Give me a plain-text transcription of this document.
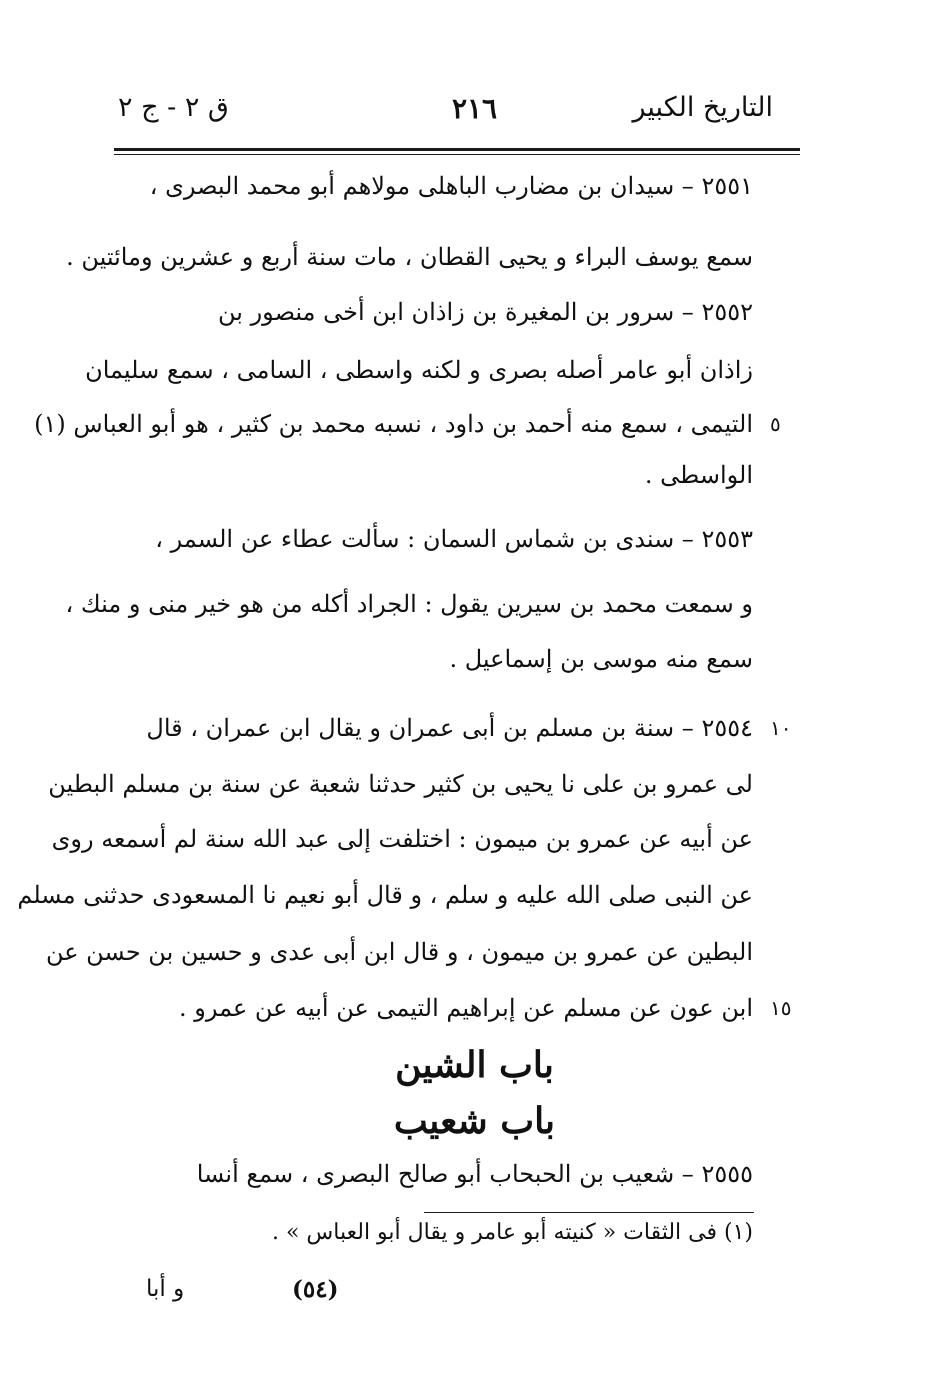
التاريخ الكبير
٢١٦
ق ٢ - ج ٢
٢٥٥١ – سيدان بن مضارب الباهلى مولاهم أبو محمد البصرى ،
سمع يوسف البراء و يحيى القطان ، مات سنة أربع و عشرين ومائتين .
٢٥٥٢ – سرور بن المغيرة بن زاذان ابن أخى منصور بن
زاذان أبو عامر أصله بصرى و لكنه واسطى ، السامى ، سمع سليمان
التيمى ، سمع منه أحمد بن داود ، نسبه محمد بن كثير ، هو أبو العباس (١)
الواسطى .
٢٥٥٣ – سندى بن شماس السمان : سألت عطاء عن السمر ،
و سمعت محمد بن سيرين يقول : الجراد أكله من هو خير منى و منك ،
سمع منه موسى بن إسماعيل .
٢٥٥٤ – سنة بن مسلم بن أبى عمران و يقال ابن عمران ، قال
لى عمرو بن على نا يحيى بن كثير حدثنا شعبة عن سنة بن مسلم البطين
عن أبيه عن عمرو بن ميمون : اختلفت إلى عبد الله سنة لم أسمعه روى
عن النبى صلى الله عليه و سلم ، و قال أبو نعيم نا المسعودى حدثنى مسلم
البطين عن عمرو بن ميمون ، و قال ابن أبى عدى و حسين بن حسن عن
ابن عون عن مسلم عن إبراهيم التيمى عن أبيه عن عمرو .
باب الشين
باب شعيب
٢٥٥٥ – شعيب بن الحبحاب أبو صالح البصرى ، سمع أنسا
٥
١٠
١٥
(١) فى الثقات « كنيته أبو عامر و يقال أبو العباس » .
(٥٤)
و أبا
